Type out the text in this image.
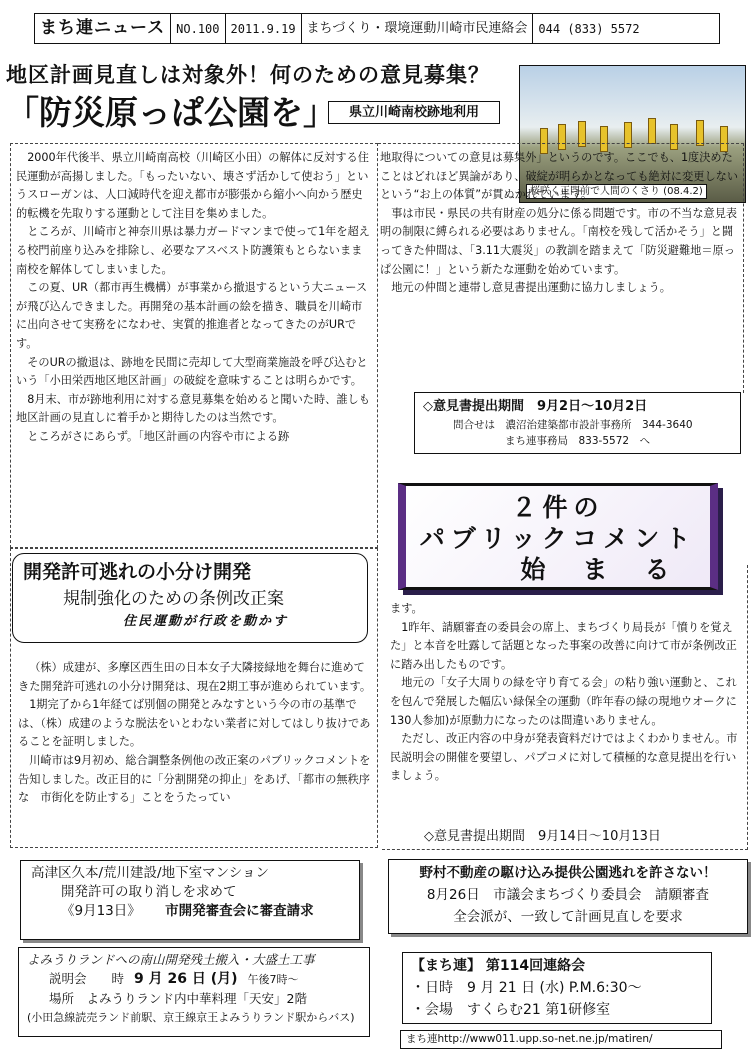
まち連ニュース NO.100 2011.9.19 まちづくり・環境運動川崎市民連絡会 044 (833) 5572
地区計画見直しは対象外！何のための意見募集？
「防災原っぱ公園を」 県立川崎南校跡地利用
桜咲く正門前で人間のくさり (08.4.2)

2000年代後半、県立川崎南高校（川崎区小田）の解体に反対する住民運動が高揚しました。「もったいない、壊さず活かして使おう」というスローガンは、人口減時代を迎え都市が膨張から縮小へ向かう歴史的転機を先取りする運動として注目を集めました。

ところが、川崎市と神奈川県は暴力ガードマンまで使って1年を超える校門前座り込みを排除し、必要なアスベスト防護策もとらないまま南校を解体してしまいました。

この夏、UR（都市再生機構）が事業から撤退するという大ニュースが飛び込んできました。再開発の基本計画の絵を描き、職員を川崎市に出向させて実務をになわせ、実質的推進者となってきたのがURです。

そのURの撤退は、跡地を民間に売却して大型商業施設を呼び込むという「小田栄西地区地区計画」の破綻を意味することは明らかです。

8月末、市が跡地利用に対する意見募集を始めると聞いた時、誰しも地区計画の見直しに着手かと期待したのは当然です。

ところがさにあらず。「地区計画の内容や市による跡

地取得についての意見は募集外」というのです。ここでも、1度決めたことはどれほど異論があり、破綻が明らかとなっても絶対に変更しないという“お上の体質”が貫ぬかれています。

事は市民・県民の共有財産の処分に係る問題です。市の不当な意見表明の制限に縛られる必要はありません。「南校を残して活かそう」と闘ってきた仲間は、「3.11大震災」の教訓を踏まえて「防災避難地＝原っぱ公園に！」という新たな運動を始めています。

地元の仲間と連帯し意見書提出運動に協力しましょう。

◇意見書提出期間　9月2日～10月2日
問合せは　濃沼治建築都市設計事務所　344-3640
まち連事務局　833-5572　へ
２件の
パブリックコメント
始　ま　る
開発許可逃れの小分け開発
規制強化のための条例改正案
住民運動が行政を動かす

（株）成建が、多摩区西生田の日本女子大隣接緑地を舞台に進めてきた開発許可逃れの小分け開発は、現在2期工事が進められています。

1期完了から1年経てば別個の開発とみなすという今の市の基準では、（株）成建のような脱法をいとわない業者に対してはしり抜けであることを証明しました。

川崎市は9月初め、総合調整条例他の改正案のパブリックコメントを告知しました。改正目的に「分割開発の抑止」をあげ、「都市の無秩序な　市街化を防止する」ことをうたってい

ます。

1昨年、請願審査の委員会の席上、まちづくり局長が「憤りを覚えた」と本音を吐露して話題となった事案の改善に向けて市が条例改正に踏み出したものです。

地元の「女子大周りの緑を守り育てる会」の粘り強い運動と、これを包んで発展した幅広い緑保全の運動（昨年春の緑の現地ウオークに130人参加)が原動力になったのは間違いありません。

ただし、改正内容の中身が発表資料だけではよくわかりません。市民説明会の開催を要望し、パブコメに対して積極的な意見提出を行いましょう。

◇意見書提出期間　9月14日～10月13日
高津区久本/荒川建設/地下室マンション
開発許可の取り消しを求めて
《9月13日》 市開発審査会に審査請求
野村不動産の駆け込み提供公園逃れを許さない！
8月26日　市議会まちづくり委員会　請願審査
全会派が、一致して計画見直しを要求
よみうりランドへの南山開発残土搬入・大盛土工事
説明会　　時 9 月 26 日 (月) 午後7時～
場所　よみうりランド内中華料理「天安」2階
(小田急線読売ランド前駅、京王線京王よみうりランド駅からバス)
【まち連】 第114回連絡会
・日時　9 月 21 日 (水) P.M.6:30～
・会場　すくらむ21 第1研修室
まち連http://www011.upp.so-net.ne.jp/matiren/
